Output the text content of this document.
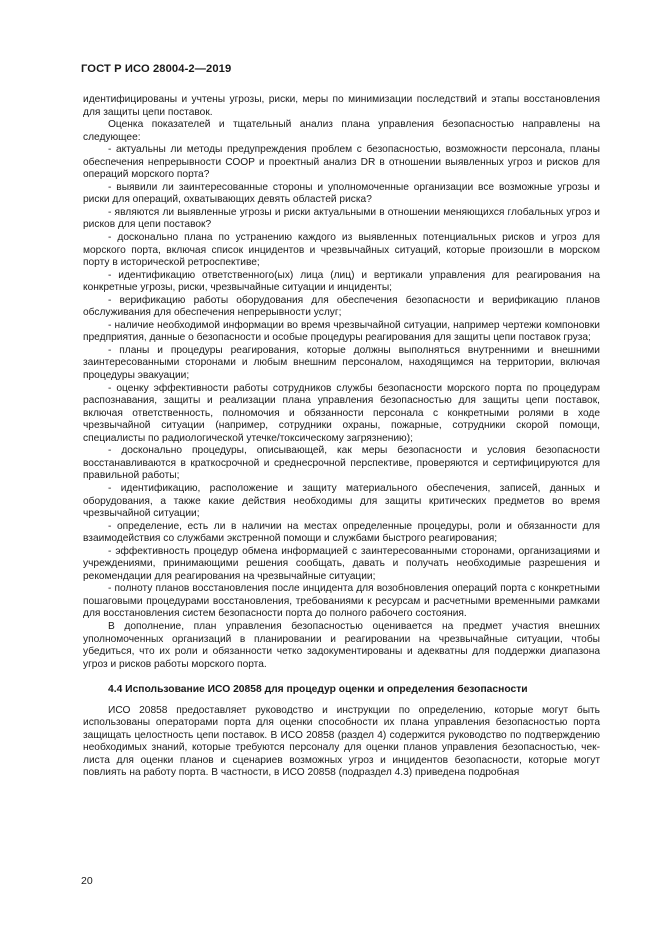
ГОСТ Р ИСО 28004-2—2019

идентифицированы и учтены угрозы, риски, меры по минимизации последствий и этапы восстановления для защиты цепи поставок.

Оценка показателей и тщательный анализ плана управления безопасностью направлены на следующее:

- актуальны ли методы предупреждения проблем с безопасностью, возможности персонала, планы обеспечения непрерывности СООР и проектный анализ DR в отношении выявленных угроз и рисков для операций морского порта?

- выявили ли заинтересованные стороны и уполномоченные организации все возможные угрозы и риски для операций, охватывающих девять областей риска?

- являются ли выявленные угрозы и риски актуальными в отношении меняющихся глобальных угроз и рисков для цепи поставок?

- досконально плана по устранению каждого из выявленных потенциальных рисков и угроз для морского порта, включая список инцидентов и чрезвычайных ситуаций, которые произошли в морском порту в исторической ретроспективе;

- идентификацию ответственного(ых) лица (лиц) и вертикали управления для реагирования на конкретные угрозы, риски, чрезвычайные ситуации и инциденты;

- верификацию работы оборудования для обеспечения безопасности и верификацию планов обслуживания для обеспечения непрерывности услуг;

- наличие необходимой информации во время чрезвычайной ситуации, например чертежи компоновки предприятия, данные о безопасности и особые процедуры реагирования для защиты цепи поставок груза;

- планы и процедуры реагирования, которые должны выполняться внутренними и внешними заинтересованными сторонами и любым внешним персоналом, находящимся на территории, включая процедуры эвакуации;

- оценку эффективности работы сотрудников службы безопасности морского порта по процедурам распознавания, защиты и реализации плана управления безопасностью для защиты цепи поставок, включая ответственность, полномочия и обязанности персонала с конкретными ролями в ходе чрезвычайной ситуации (например, сотрудники охраны, пожарные, сотрудники скорой помощи, специалисты по радиологической утечке/токсическому загрязнению);

- досконально процедуры, описывающей, как меры безопасности и условия безопасности восстанавливаются в краткосрочной и среднесрочной перспективе, проверяются и сертифицируются для правильной работы;

- идентификацию, расположение и защиту материального обеспечения, записей, данных и оборудования, а также какие действия необходимы для защиты критических предметов во время чрезвычайной ситуации;

- определение, есть ли в наличии на местах определенные процедуры, роли и обязанности для взаимодействия со службами экстренной помощи и службами быстрого реагирования;

- эффективность процедур обмена информацией с заинтересованными сторонами, организациями и учреждениями, принимающими решения сообщать, давать и получать необходимые разрешения и рекомендации для реагирования на чрезвычайные ситуации;

- полноту планов восстановления после инцидента для возобновления операций порта с конкретными пошаговыми процедурами восстановления, требованиями к ресурсам и расчетными временными рамками для восстановления систем безопасности порта до полного рабочего состояния.

В дополнение, план управления безопасностью оценивается на предмет участия внешних уполномоченных организаций в планировании и реагировании на чрезвычайные ситуации, чтобы убедиться, что их роли и обязанности четко задокументированы и адекватны для поддержки диапазона угроз и рисков работы морского порта.

4.4 Использование ИСО 20858 для процедур оценки и определения безопасности

ИСО 20858 предоставляет руководство и инструкции по определению, которые могут быть использованы операторами порта для оценки способности их плана управления безопасностью порта защищать целостность цепи поставок. В ИСО 20858 (раздел 4) содержится руководство по подтверждению необходимых знаний, которые требуются персоналу для оценки планов управления безопасностью, чек-листа для оценки планов и сценариев возможных угроз и инцидентов безопасности, которые могут повлиять на работу порта. В частности, в ИСО 20858 (подраздел 4.3) приведена подробная

20
